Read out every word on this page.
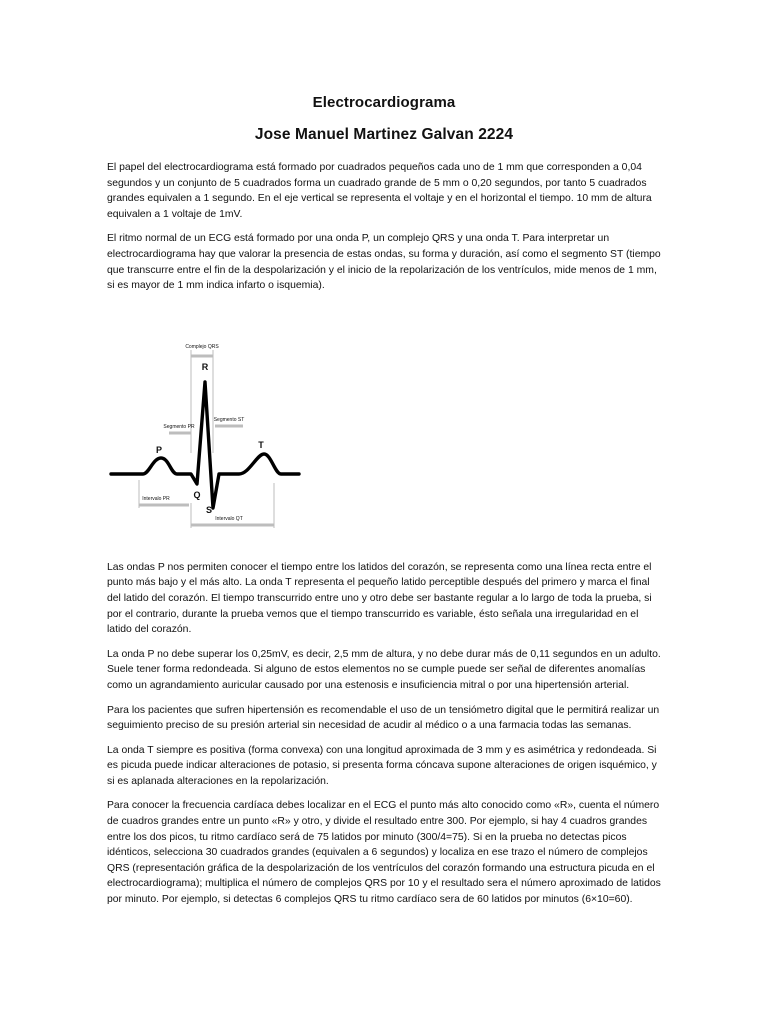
Electrocardiograma
Jose Manuel Martinez Galvan 2224

El papel del electrocardiograma está formado por cuadrados pequeños cada uno de 1 mm que corresponden a 0,04 segundos y un conjunto de 5 cuadrados forma un cuadrado grande de 5 mm o 0,20 segundos, por tanto 5 cuadrados grandes equivalen a 1 segundo. En el eje vertical se representa el voltaje y en el horizontal el tiempo. 10 mm de altura equivalen a 1 voltaje de 1mV.

El ritmo normal de un ECG está formado por una onda P, un complejo QRS y una onda T. Para interpretar un electrocardiograma hay que valorar la presencia de estas ondas, su forma y duración, así como el segmento ST (tiempo que transcurre entre el fin de la despolarización y el inicio de la repolarización de los ventrículos, mide menos de 1 mm, si es mayor de 1 mm indica infarto o isquemia).

Complejo QRS
R
Segmento PR
Segmento ST
P	T
Q
S
Intervalo PR
Intervalo QT

Las ondas P nos permiten conocer el tiempo entre los latidos del corazón, se representa como una línea recta entre el punto más bajo y el más alto. La onda T representa el pequeño latido perceptible después del primero y marca el final del latido del corazón. El tiempo transcurrido entre uno y otro debe ser bastante regular a lo largo de toda la prueba, si por el contrario, durante la prueba vemos que el tiempo transcurrido es variable, ésto señala una irregularidad en el latido del corazón.

La onda P no debe superar los 0,25mV, es decir, 2,5 mm de altura, y no debe durar más de 0,11 segundos en un adulto. Suele tener forma redondeada. Si alguno de estos elementos no se cumple puede ser señal de diferentes anomalías como un agrandamiento auricular causado por una estenosis e insuficiencia mitral o por una hipertensión arterial.

Para los pacientes que sufren hipertensión es recomendable el uso de un tensiómetro digital que le permitirá realizar un seguimiento preciso de su presión arterial sin necesidad de acudir al médico o a una farmacia todas las semanas.

La onda T siempre es positiva (forma convexa) con una longitud aproximada de 3 mm y es asimétrica y redondeada. Si es picuda puede indicar alteraciones de potasio, si presenta forma cóncava supone alteraciones de origen isquémico, y si es aplanada alteraciones en la repolarización.

Para conocer la frecuencia cardíaca debes localizar en el ECG el punto más alto conocido como «R», cuenta el número de cuadros grandes entre un punto «R» y otro, y divide el resultado entre 300. Por ejemplo, si hay 4 cuadros grandes entre los dos picos, tu ritmo cardíaco será de 75 latidos por minuto (300/4=75). Si en la prueba no detectas picos idénticos, selecciona 30 cuadrados grandes (equivalen a 6 segundos) y localiza en ese trazo el número de complejos QRS (representación gráfica de la despolarización de los ventrículos del corazón formando una estructura picuda en el electrocardiograma); multiplica el número de complejos QRS por 10 y el resultado sera el número aproximado de latidos por minuto. Por ejemplo, si detectas 6 complejos QRS tu ritmo cardíaco sera de 60 latidos por minutos (6×10=60).
